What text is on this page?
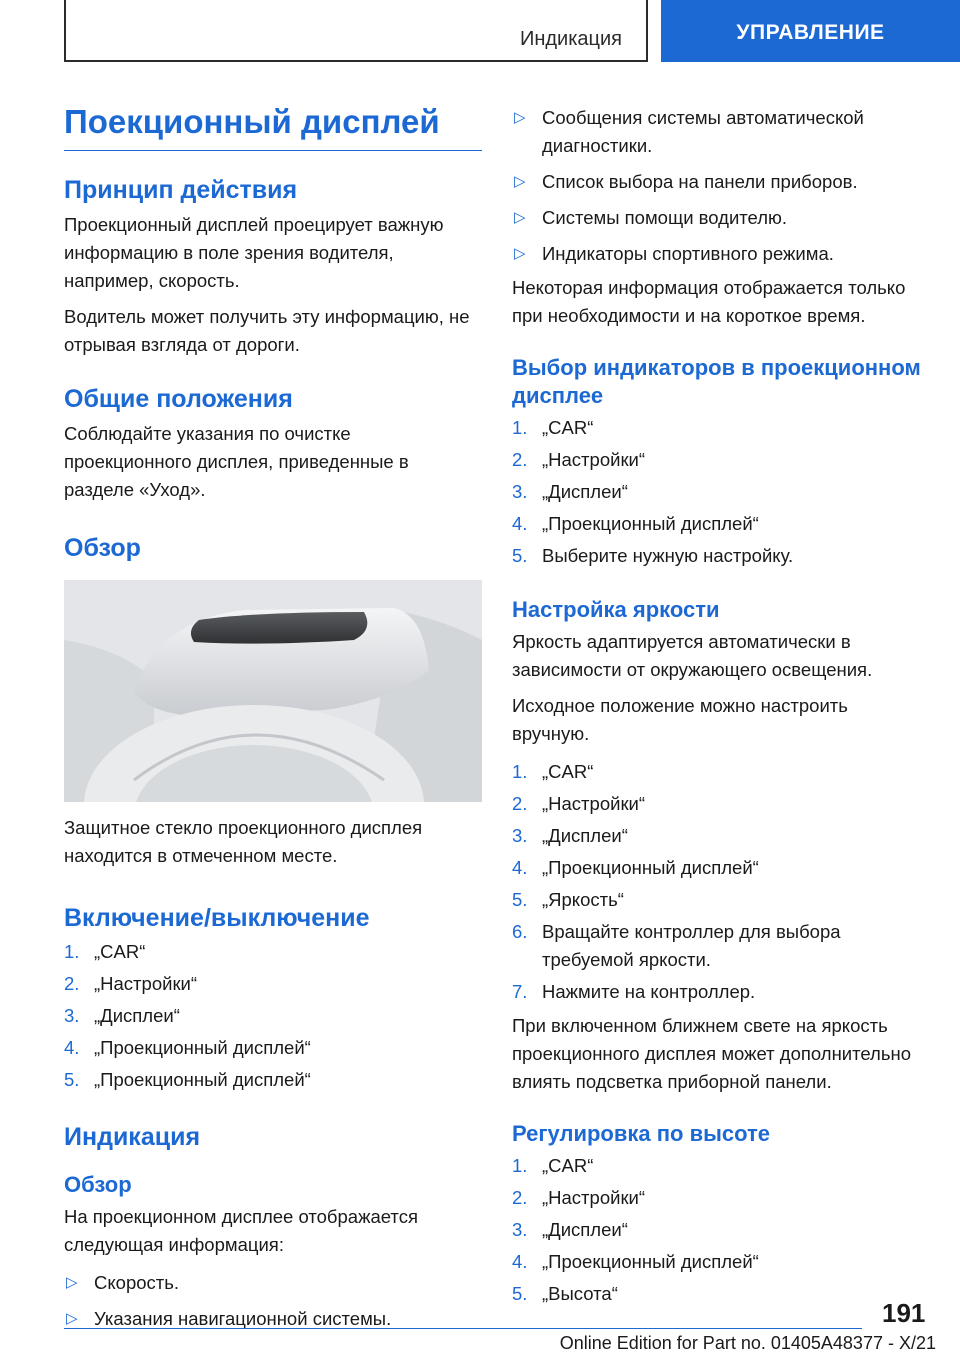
Индикация	УПРАВЛЕНИЕ
Поекционный дисплей
Принцип действия

Проекционный дисплей проецирует важную информацию в поле зрения водителя, например, скорость.

Водитель может получить эту информацию, не отрывая взгляда от дороги.

Общие положения

Соблюдайте указания по очистке проекционного дисплея, приведенные в разделе «Уход».

Обзор

Защитное стекло проекционного дисплея находится в отмеченном месте.

Включение/выключение
1. „CAR“
2. „Настройки“
3. „Дисплеи“
4. „Проекционный дисплей“
5. „Проекционный дисплей“
Индикация
Обзор

На проекционном дисплее отображается следующая информация:

▷ Скорость.
▷ Указания навигационной системы.
▷ Сообщения системы автоматической диагностики.
▷ Список выбора на панели приборов.
▷ Системы помощи водителю.
▷ Индикаторы спортивного режима.

Некоторая информация отображается только при необходимости и на короткое время.

Выбор индикаторов в проекционном дисплее
1. „CAR“
2. „Настройки“
3. „Дисплеи“
4. „Проекционный дисплей“
5. Выберите нужную настройку.
Настройка яркости

Яркость адаптируется автоматически в зависимости от окружающего освещения.

Исходное положение можно настроить вручную.

1. „CAR“
2. „Настройки“
3. „Дисплеи“
4. „Проекционный дисплей“
5. „Яркость“
6. Вращайте контроллер для выбора требуемой яркости.
7. Нажмите на контроллер.

При включенном ближнем свете на яркость проекционного дисплея может дополнительно влиять подсветка приборной панели.

Регулировка по высоте
1. „CAR“
2. „Настройки“
3. „Дисплеи“
4. „Проекционный дисплей“
5. „Высота“
191
Online Edition for Part no. 01405A48377 - X/21
